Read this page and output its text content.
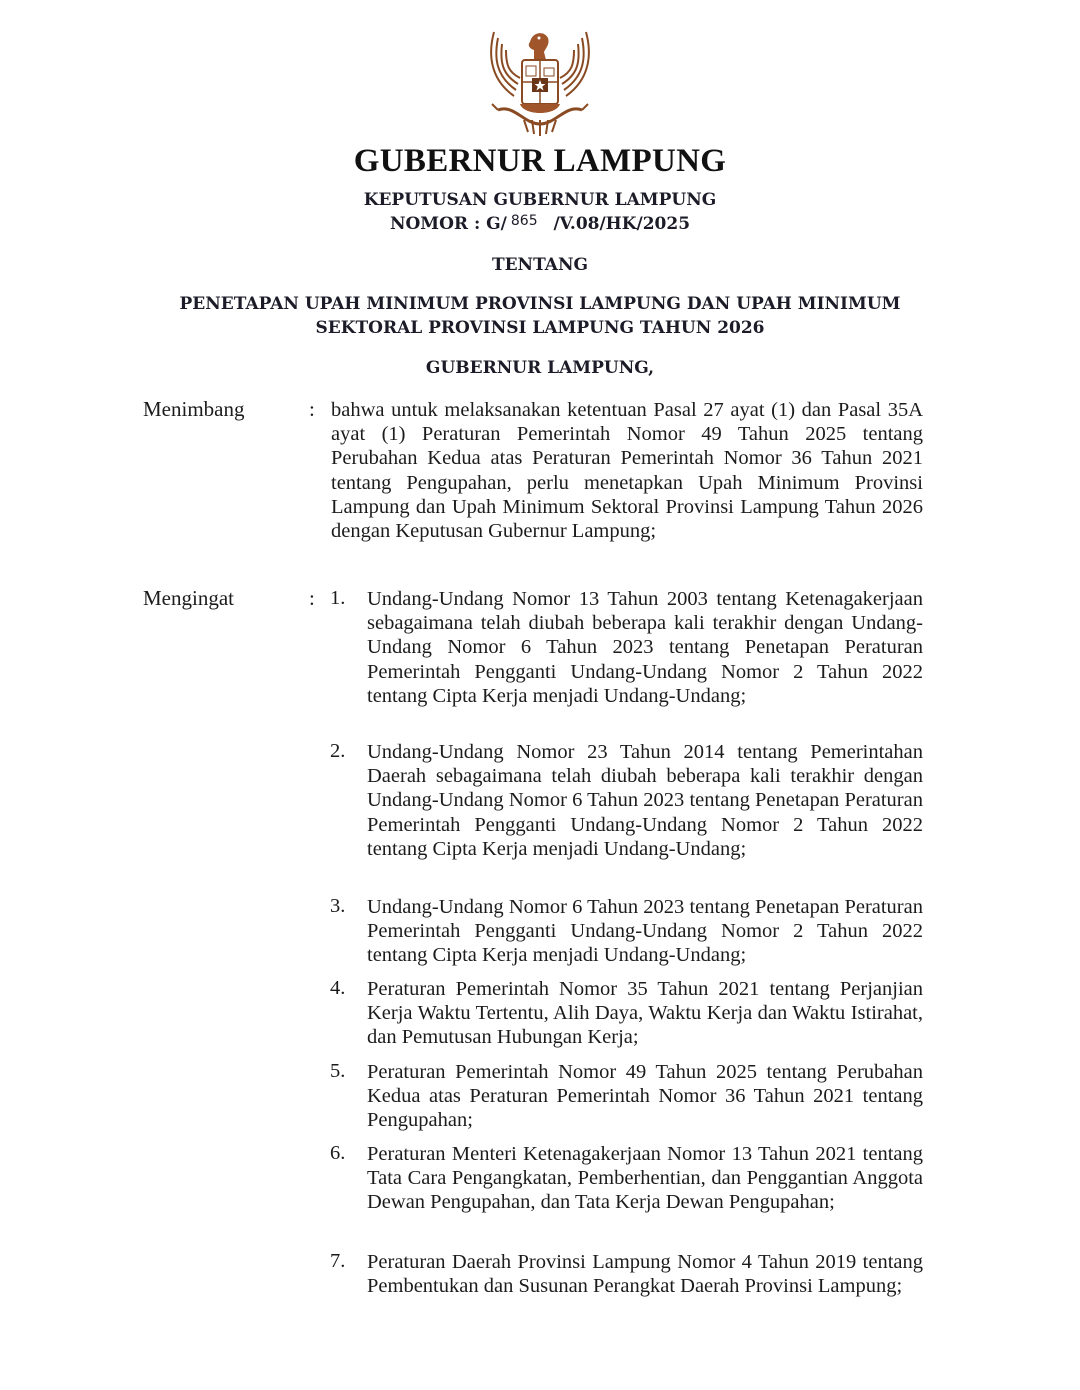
GUBERNUR LAMPUNG
KEPUTUSAN GUBERNUR LAMPUNG
NOMOR : G/ $^{865}$ /V.08/HK/2025
TENTANG
PENETAPAN UPAH MINIMUM PROVINSI LAMPUNG DAN UPAH MINIMUM
SEKTORAL PROVINSI LAMPUNG TAHUN 2026
GUBERNUR LAMPUNG,
Menimbang	: bahwa untuk melaksanakan ketentuan Pasal 27 ayat (1) dan Pasal 35A ayat (1) Peraturan Pemerintah Nomor 49 Tahun 2025 tentang Perubahan Kedua atas Peraturan Pemerintah Nomor 36 Tahun 2021 tentang Pengupahan, perlu menetapkan Upah Minimum Provinsi Lampung dan Upah Minimum Sektoral Provinsi Lampung Tahun 2026 dengan Keputusan Gubernur Lampung;
Mengingat	: 1. Undang-Undang Nomor 13 Tahun 2003 tentang Ketenagakerjaan sebagaimana telah diubah beberapa kali terakhir dengan Undang-Undang Nomor 6 Tahun 2023 tentang Penetapan Peraturan Pemerintah Pengganti Undang-Undang Nomor 2 Tahun 2022 tentang Cipta Kerja menjadi Undang-Undang;
2. Undang-Undang Nomor 23 Tahun 2014 tentang Pemerintahan Daerah sebagaimana telah diubah beberapa kali terakhir dengan Undang-Undang Nomor 6 Tahun 2023 tentang Penetapan Peraturan Pemerintah Pengganti Undang-Undang Nomor 2 Tahun 2022 tentang Cipta Kerja menjadi Undang-Undang;
3. Undang-Undang Nomor 6 Tahun 2023 tentang Penetapan Peraturan Pemerintah Pengganti Undang-Undang Nomor 2 Tahun 2022 tentang Cipta Kerja menjadi Undang-Undang;
4. Peraturan Pemerintah Nomor 35 Tahun 2021 tentang Perjanjian Kerja Waktu Tertentu, Alih Daya, Waktu Kerja dan Waktu Istirahat, dan Pemutusan Hubungan Kerja;
5. Peraturan Pemerintah Nomor 49 Tahun 2025 tentang Perubahan Kedua atas Peraturan Pemerintah Nomor 36 Tahun 2021 tentang Pengupahan;
6. Peraturan Menteri Ketenagakerjaan Nomor 13 Tahun 2021 tentang Tata Cara Pengangkatan, Pemberhentian, dan Penggantian Anggota Dewan Pengupahan, dan Tata Kerja Dewan Pengupahan;
7. Peraturan Daerah Provinsi Lampung Nomor 4 Tahun 2019 tentang Pembentukan dan Susunan Perangkat Daerah Provinsi Lampung;
